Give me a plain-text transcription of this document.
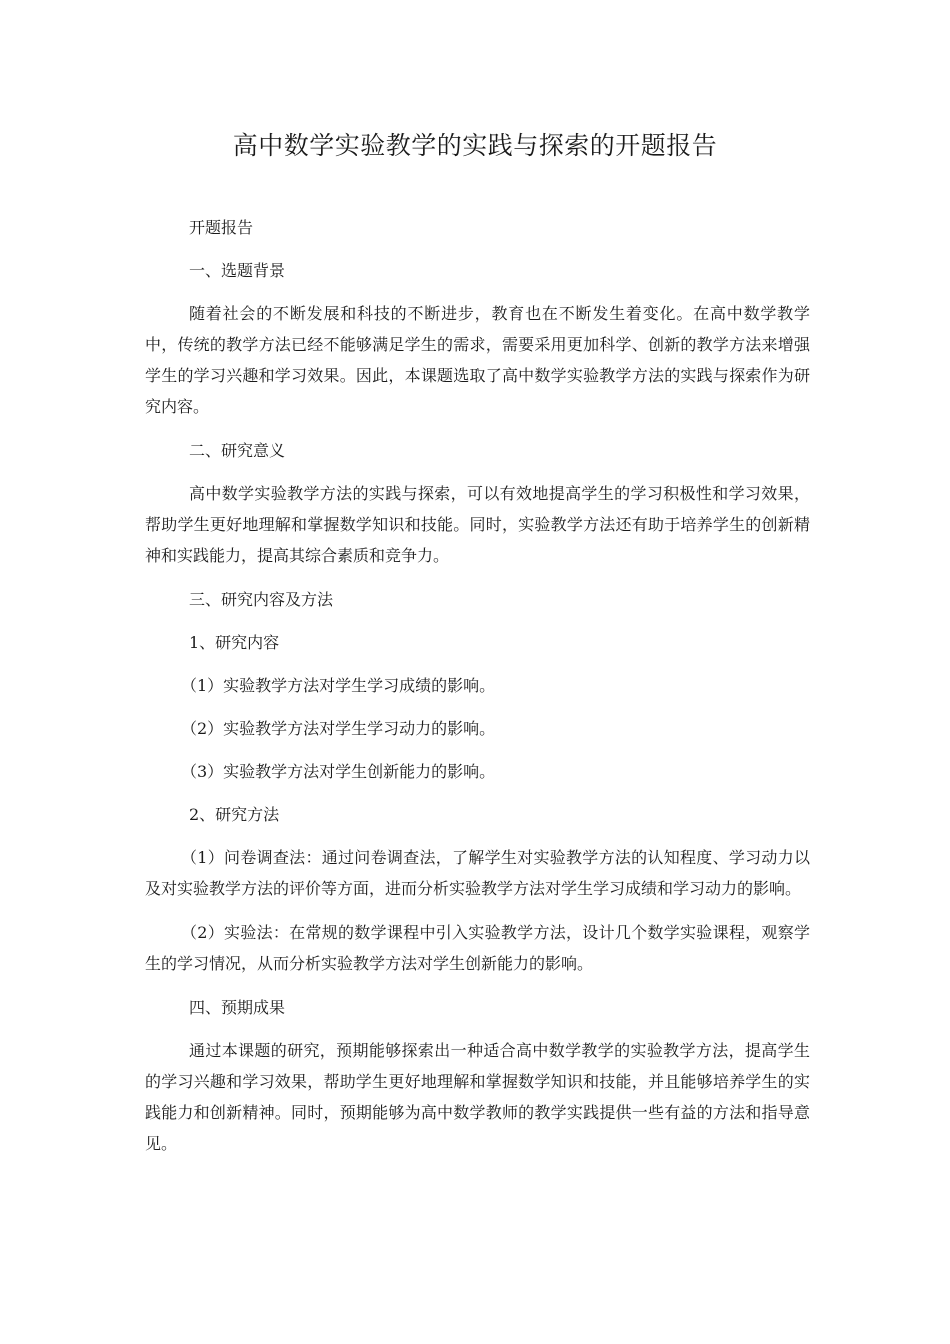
高中数学实验教学的实践与探索的开题报告

开题报告

一、选题背景

随着社会的不断发展和科技的不断进步，教育也在不断发生着变化。在高中数学教学中，传统的教学方法已经不能够满足学生的需求，需要采用更加科学、创新的教学方法来增强学生的学习兴趣和学习效果。因此，本课题选取了高中数学实验教学方法的实践与探索作为研究内容。

二、研究意义

高中数学实验教学方法的实践与探索，可以有效地提高学生的学习积极性和学习效果，帮助学生更好地理解和掌握数学知识和技能。同时，实验教学方法还有助于培养学生的创新精神和实践能力，提高其综合素质和竞争力。

三、研究内容及方法

1、研究内容

（1）实验教学方法对学生学习成绩的影响。

（2）实验教学方法对学生学习动力的影响。

（3）实验教学方法对学生创新能力的影响。

2、研究方法

（1）问卷调查法：通过问卷调查法，了解学生对实验教学方法的认知程度、学习动力以及对实验教学方法的评价等方面，进而分析实验教学方法对学生学习成绩和学习动力的影响。

（2）实验法：在常规的数学课程中引入实验教学方法，设计几个数学实验课程，观察学生的学习情况，从而分析实验教学方法对学生创新能力的影响。

四、预期成果

通过本课题的研究，预期能够探索出一种适合高中数学教学的实验教学方法，提高学生的学习兴趣和学习效果，帮助学生更好地理解和掌握数学知识和技能，并且能够培养学生的实践能力和创新精神。同时，预期能够为高中数学教师的教学实践提供一些有益的方法和指导意见。
